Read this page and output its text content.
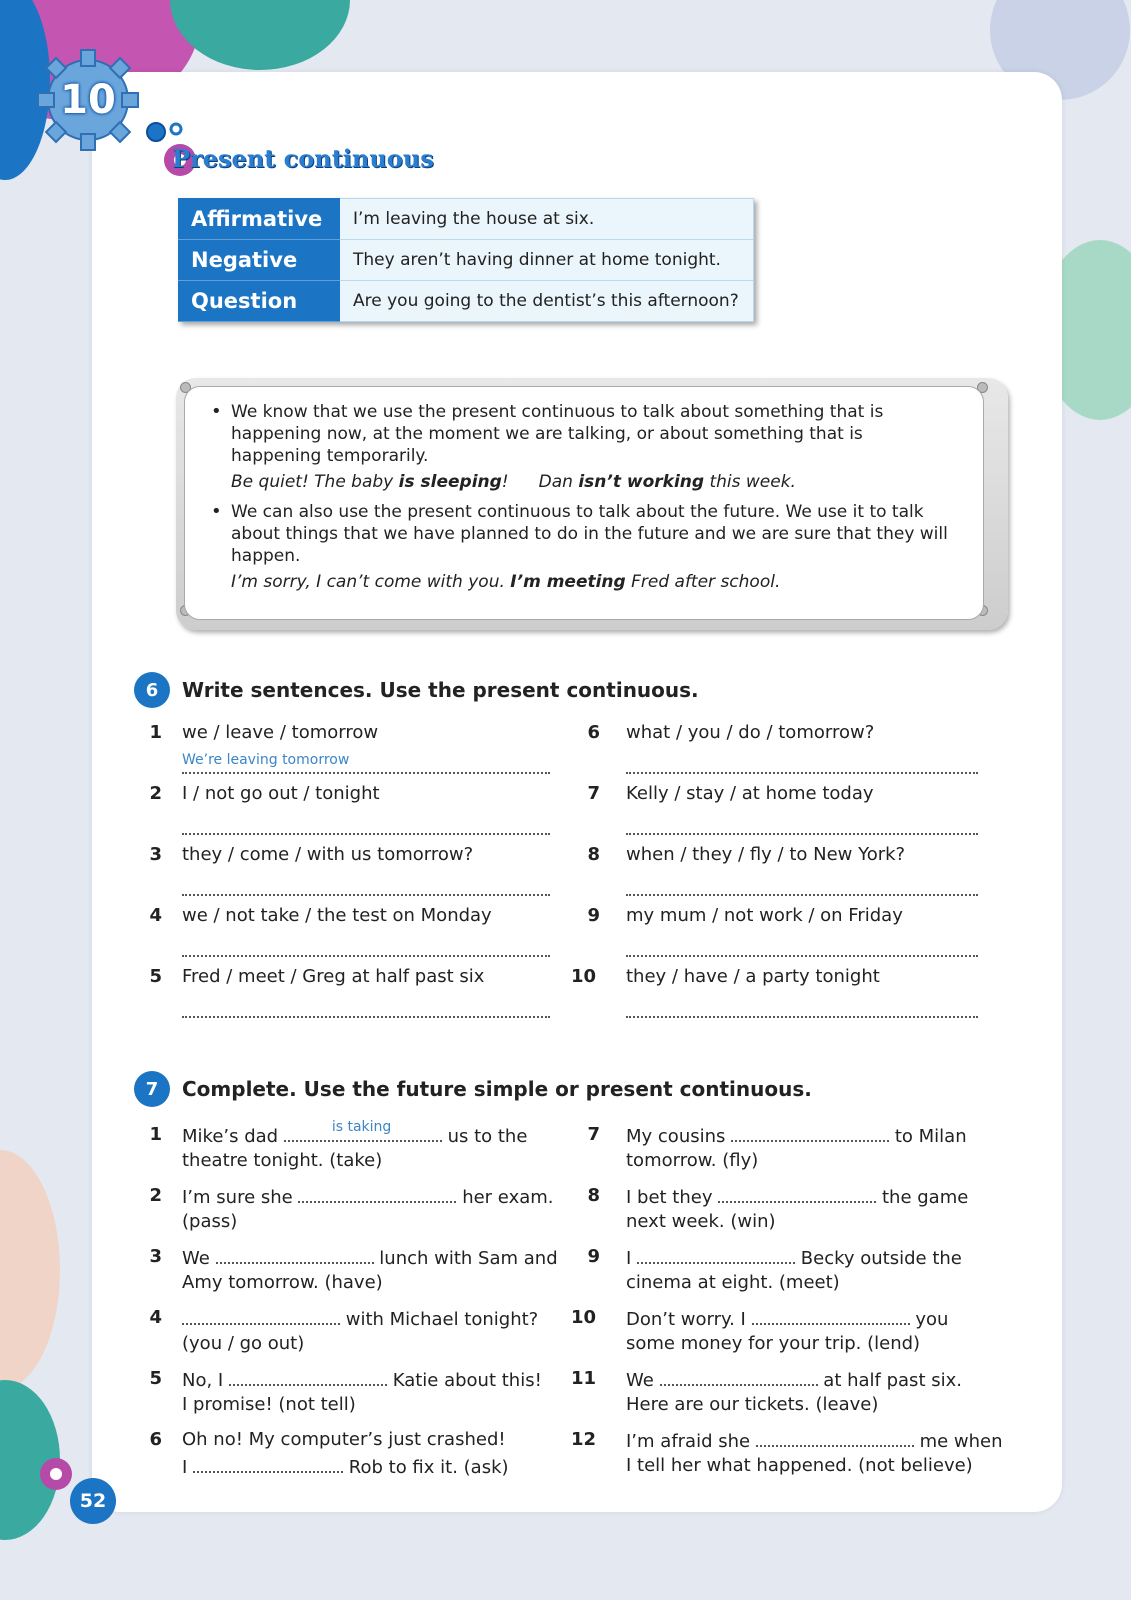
10
Present continuous
Affirmative	I’m leaving the house at six.
Negative	They aren’t having dinner at home tonight.
Question	Are you going to the dentist’s this afternoon?
• We know that we use the present continuous to talk about something that is happening now, at the moment we are talking, or about something that is happening temporarily.
Be quiet! The baby is sleeping! Dan isn’t working this week.
• We can also use the present continuous to talk about the future. We use it to talk about things that we have planned to do in the future and we are sure that they will happen.
I’m sorry, I can’t come with you. I’m meeting Fred after school.
6	Write sentences. Use the present continuous.
1 we / leave / tomorrow
We’re leaving tomorrow
2 I / not go out / tonight
3 they / come / with us tomorrow?
4 we / not take / the test on Monday
5 Fred / meet / Greg at half past six
6 what / you / do / tomorrow?
7 Kelly / stay / at home today
8 when / they / fly / to New York?
9 my mum / not work / on Friday
10 they / have / a party tonight
7	Complete. Use the future simple or present continuous.
1 Mike’s dad	is taking	us to the
theatre tonight. (take)
2 I’m sure she	her exam.
(pass)
3 We	lunch with Sam and
Amy tomorrow. (have)
4	with Michael tonight?
(you / go out)
5 No, I	Katie about this!
I promise! (not tell)
6 Oh no! My computer’s just crashed!
I	Rob to fix it. (ask)
7 My cousins	to Milan
tomorrow. (fly)
8 I bet they	the game
next week. (win)
9 I	Becky outside the
cinema at eight. (meet)
10 Don’t worry. I	you
some money for your trip. (lend)
11 We	at half past six.
Here are our tickets. (leave)
12 I’m afraid she	me when
I tell her what happened. (not believe)
52
